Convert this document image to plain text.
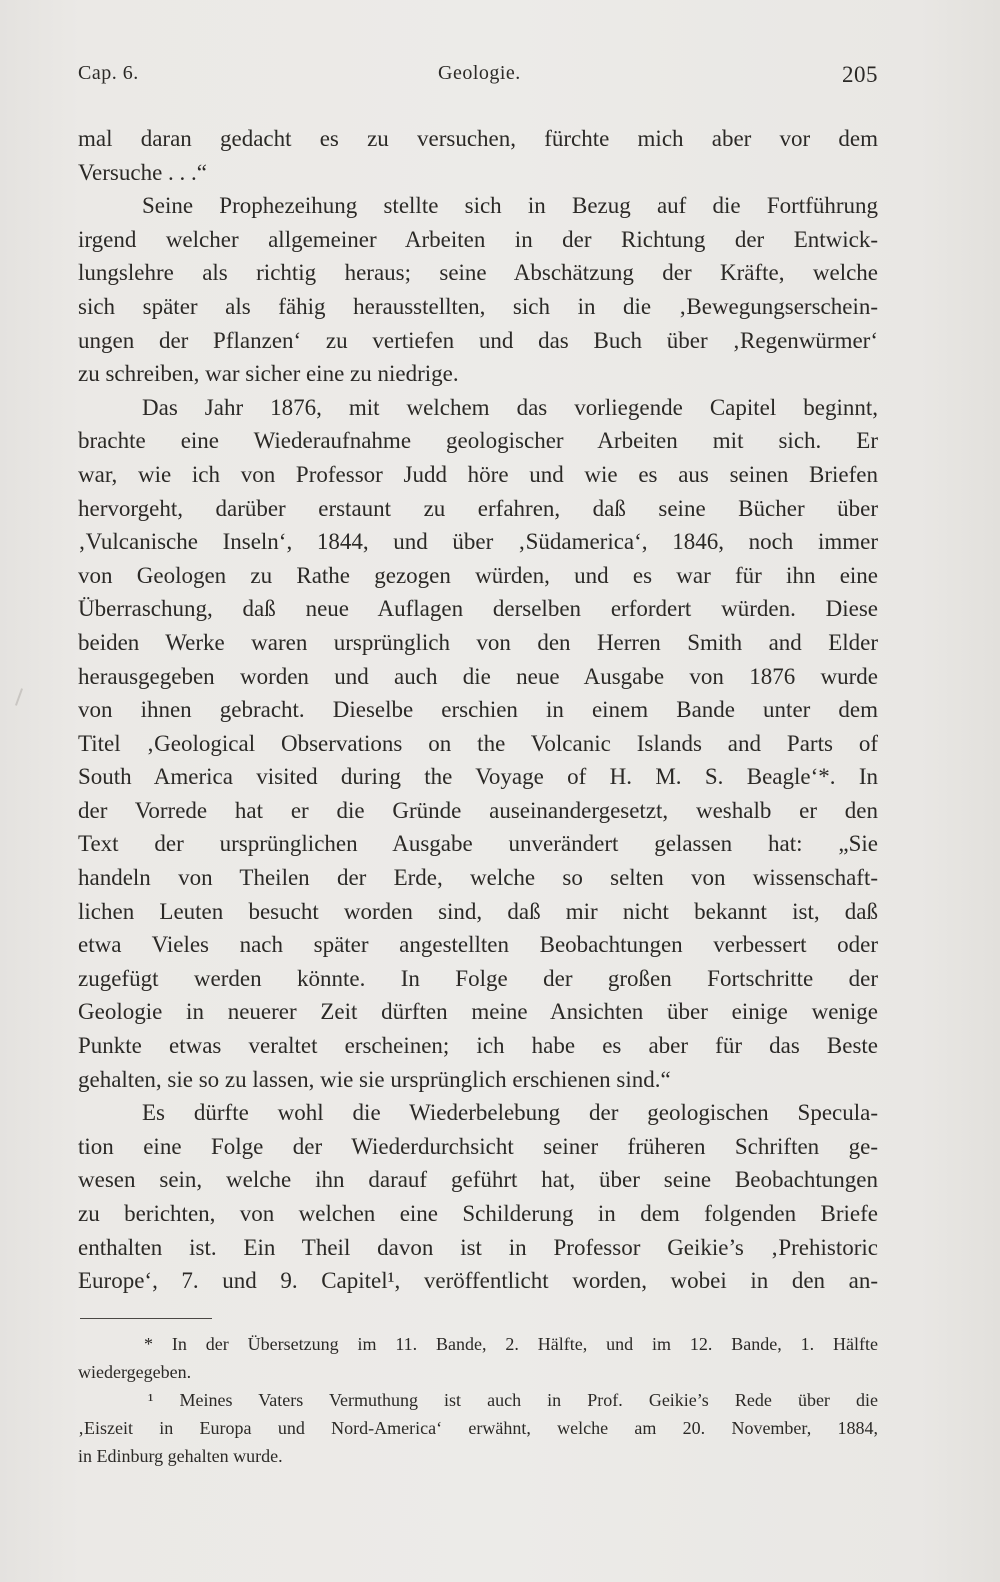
Cap. 6.	Geologie.	205
mal daran gedacht es zu versuchen, fürchte mich aber vor dem
Versuche . . .“
Seine Prophezeihung stellte sich in Bezug auf die Fortführung
irgend welcher allgemeiner Arbeiten in der Richtung der Entwick-
lungslehre als richtig heraus; seine Abschätzung der Kräfte, welche
sich später als fähig herausstellten, sich in die ‚Bewegungserschein-
ungen der Pflanzen‘ zu vertiefen und das Buch über ‚Regenwürmer‘
zu schreiben, war sicher eine zu niedrige.
Das Jahr 1876, mit welchem das vorliegende Capitel beginnt,
brachte eine Wiederaufnahme geologischer Arbeiten mit sich. Er
war, wie ich von Professor Judd höre und wie es aus seinen Briefen
hervorgeht, darüber erstaunt zu erfahren, daß seine Bücher über
‚Vulcanische Inseln‘, 1844, und über ‚Südamerica‘, 1846, noch immer
von Geologen zu Rathe gezogen würden, und es war für ihn eine
Überraschung, daß neue Auflagen derselben erfordert würden. Diese
beiden Werke waren ursprünglich von den Herren Smith and Elder
herausgegeben worden und auch die neue Ausgabe von 1876 wurde
von ihnen gebracht. Dieselbe erschien in einem Bande unter dem
Titel ‚Geological Observations on the Volcanic Islands and Parts of
South America visited during the Voyage of H. M. S. Beagle‘*. In
der Vorrede hat er die Gründe auseinandergesetzt, weshalb er den
Text der ursprünglichen Ausgabe unverändert gelassen hat: „Sie
handeln von Theilen der Erde, welche so selten von wissenschaft-
lichen Leuten besucht worden sind, daß mir nicht bekannt ist, daß
etwa Vieles nach später angestellten Beobachtungen verbessert oder
zugefügt werden könnte. In Folge der großen Fortschritte der
Geologie in neuerer Zeit dürften meine Ansichten über einige wenige
Punkte etwas veraltet erscheinen; ich habe es aber für das Beste
gehalten, sie so zu lassen, wie sie ursprünglich erschienen sind.“
Es dürfte wohl die Wiederbelebung der geologischen Specula-
tion eine Folge der Wiederdurchsicht seiner früheren Schriften ge-
wesen sein, welche ihn darauf geführt hat, über seine Beobachtungen
zu berichten, von welchen eine Schilderung in dem folgenden Briefe
enthalten ist. Ein Theil davon ist in Professor Geikie’s ‚Prehistoric
Europe‘, 7. und 9. Capitel¹, veröffentlicht worden, wobei in den an-
* In der Übersetzung im 11. Bande, 2. Hälfte, und im 12. Bande, 1. Hälfte
wiedergegeben.
¹ Meines Vaters Vermuthung ist auch in Prof. Geikie’s Rede über die
‚Eiszeit in Europa und Nord-America‘ erwähnt, welche am 20. November, 1884,
in Edinburg gehalten wurde.
